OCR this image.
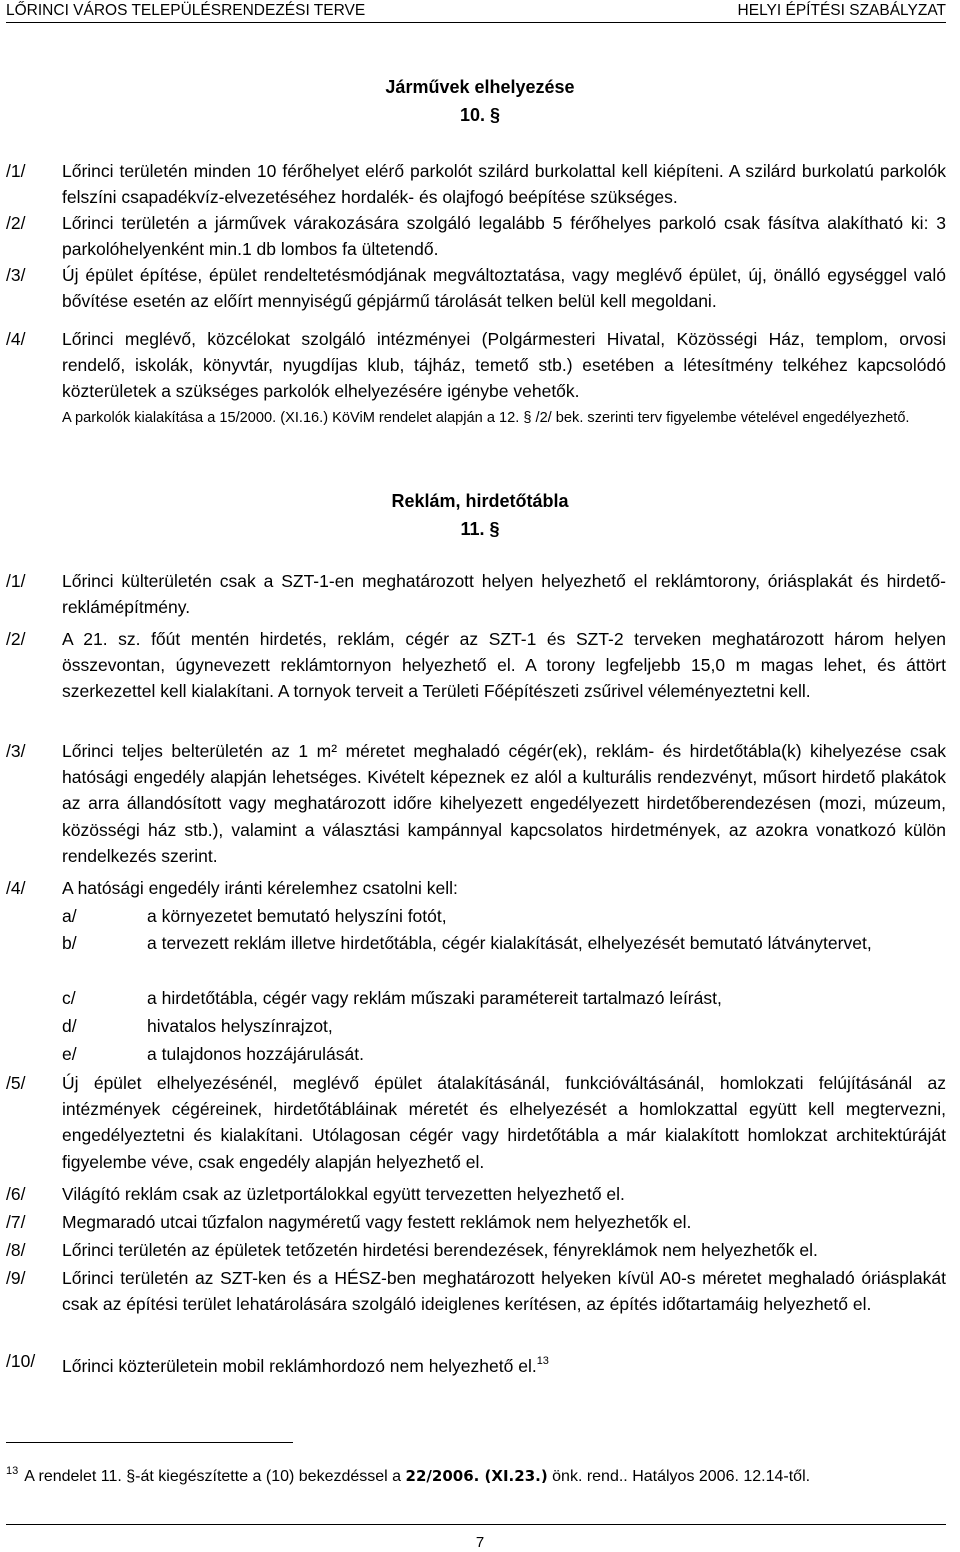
LŐRINCI VÁROS TELEPÜLÉSRENDEZÉSI TERVE	HELYI ÉPÍTÉSI SZABÁLYZAT
Járművek elhelyezése
10. §
/1/	Lőrinci területén minden 10 férőhelyet elérő parkolót szilárd burkolattal kell kiépíteni. A szilárd burkolatú parkolók felszíni csapadékvíz-elvezetéséhez hordalék- és olajfogó beépítése szükséges.
/2/	Lőrinci területén a járművek várakozására szolgáló legalább 5 férőhelyes parkoló csak fásítva alakítható ki: 3 parkolóhelyenként min.1 db lombos fa ültetendő.
/3/	Új épület építése, épület rendeltetésmódjának megváltoztatása, vagy meglévő épület, új, önálló egységgel való bővítése esetén az előírt mennyiségű gépjármű tárolását telken belül kell megoldani.
/4/	Lőrinci meglévő, közcélokat szolgáló intézményei (Polgármesteri Hivatal, Közösségi Ház, templom, orvosi rendelő, iskolák, könyvtár, nyugdíjas klub, tájház, temető stb.) esetében a létesítmény telkéhez kapcsolódó közterületek a szükséges parkolók elhelyezésére igénybe vehetők.
A parkolók kialakítása a 15/2000. (XI.16.) KöViM rendelet alapján a 12. § /2/ bek. szerinti terv figyelembe vételével engedélyezhető.
Reklám, hirdetőtábla
11. §
/1/	Lőrinci külterületén csak a SZT-1-en meghatározott helyen helyezhető el reklámtorony, óriásplakát és hirdető-reklámépítmény.
/2/	A 21. sz. főút mentén hirdetés, reklám, cégér az SZT-1 és SZT-2 terveken meghatározott három helyen összevontan, úgynevezett reklámtornyon helyezhető el. A torony legfeljebb 15,0 m magas lehet, és áttört szerkezettel kell kialakítani. A tornyok terveit a Területi Főépítészeti zsűrivel véleményeztetni kell.
/3/	Lőrinci teljes belterületén az 1 m² méretet meghaladó cégér(ek), reklám- és hirdetőtábla(k) kihelyezése csak hatósági engedély alapján lehetséges. Kivételt képeznek ez alól a kulturális rendezvényt, műsort hirdető plakátok az arra állandósított vagy meghatározott időre kihelyezett engedélyezett hirdetőberendezésen (mozi, múzeum, közösségi ház stb.), valamint a választási kampánnyal kapcsolatos hirdetmények, az azokra vonatkozó külön rendelkezés szerint.
/4/	A hatósági engedély iránti kérelemhez csatolni kell:
a/	a környezetet bemutató helyszíni fotót,
b/	a tervezett reklám illetve hirdetőtábla, cégér kialakítását, elhelyezését bemutató látványtervet,
c/	a hirdetőtábla, cégér vagy reklám műszaki paramétereit tartalmazó leírást,
d/	hivatalos helyszínrajzot,
e/	a tulajdonos hozzájárulását.
/5/	Új épület elhelyezésénél, meglévő épület átalakításánál, funkcióváltásánál, homlokzati felújításánál az intézmények cégéreinek, hirdetőtábláinak méretét és elhelyezését a homlokzattal együtt kell megtervezni, engedélyeztetni és kialakítani. Utólagosan cégér vagy hirdetőtábla a már kialakított homlokzat architektúráját figyelembe véve, csak engedély alapján helyezhető el.
/6/	Világító reklám csak az üzletportálokkal együtt tervezetten helyezhető el.
/7/	Megmaradó utcai tűzfalon nagyméretű vagy festett reklámok nem helyezhetők el.
/8/	Lőrinci területén az épületek tetőzetén hirdetési berendezések, fényreklámok nem helyezhetők el.
/9/	Lőrinci területén az SZT-ken és a HÉSZ-ben meghatározott helyeken kívül A0-s méretet meghaladó óriásplakát csak az építési terület lehatárolására szolgáló ideiglenes kerítésen, az építés időtartamáig helyezhető el.
/10/	Lőrinci közterületein mobil reklámhordozó nem helyezhető el.$^{13}$
$^{13}$ A rendelet 11. §-át kiegészítette a (10) bekezdéssel a 22/2006. (XI.23.) önk. rend.. Hatályos 2006. 12.14-től.
7
